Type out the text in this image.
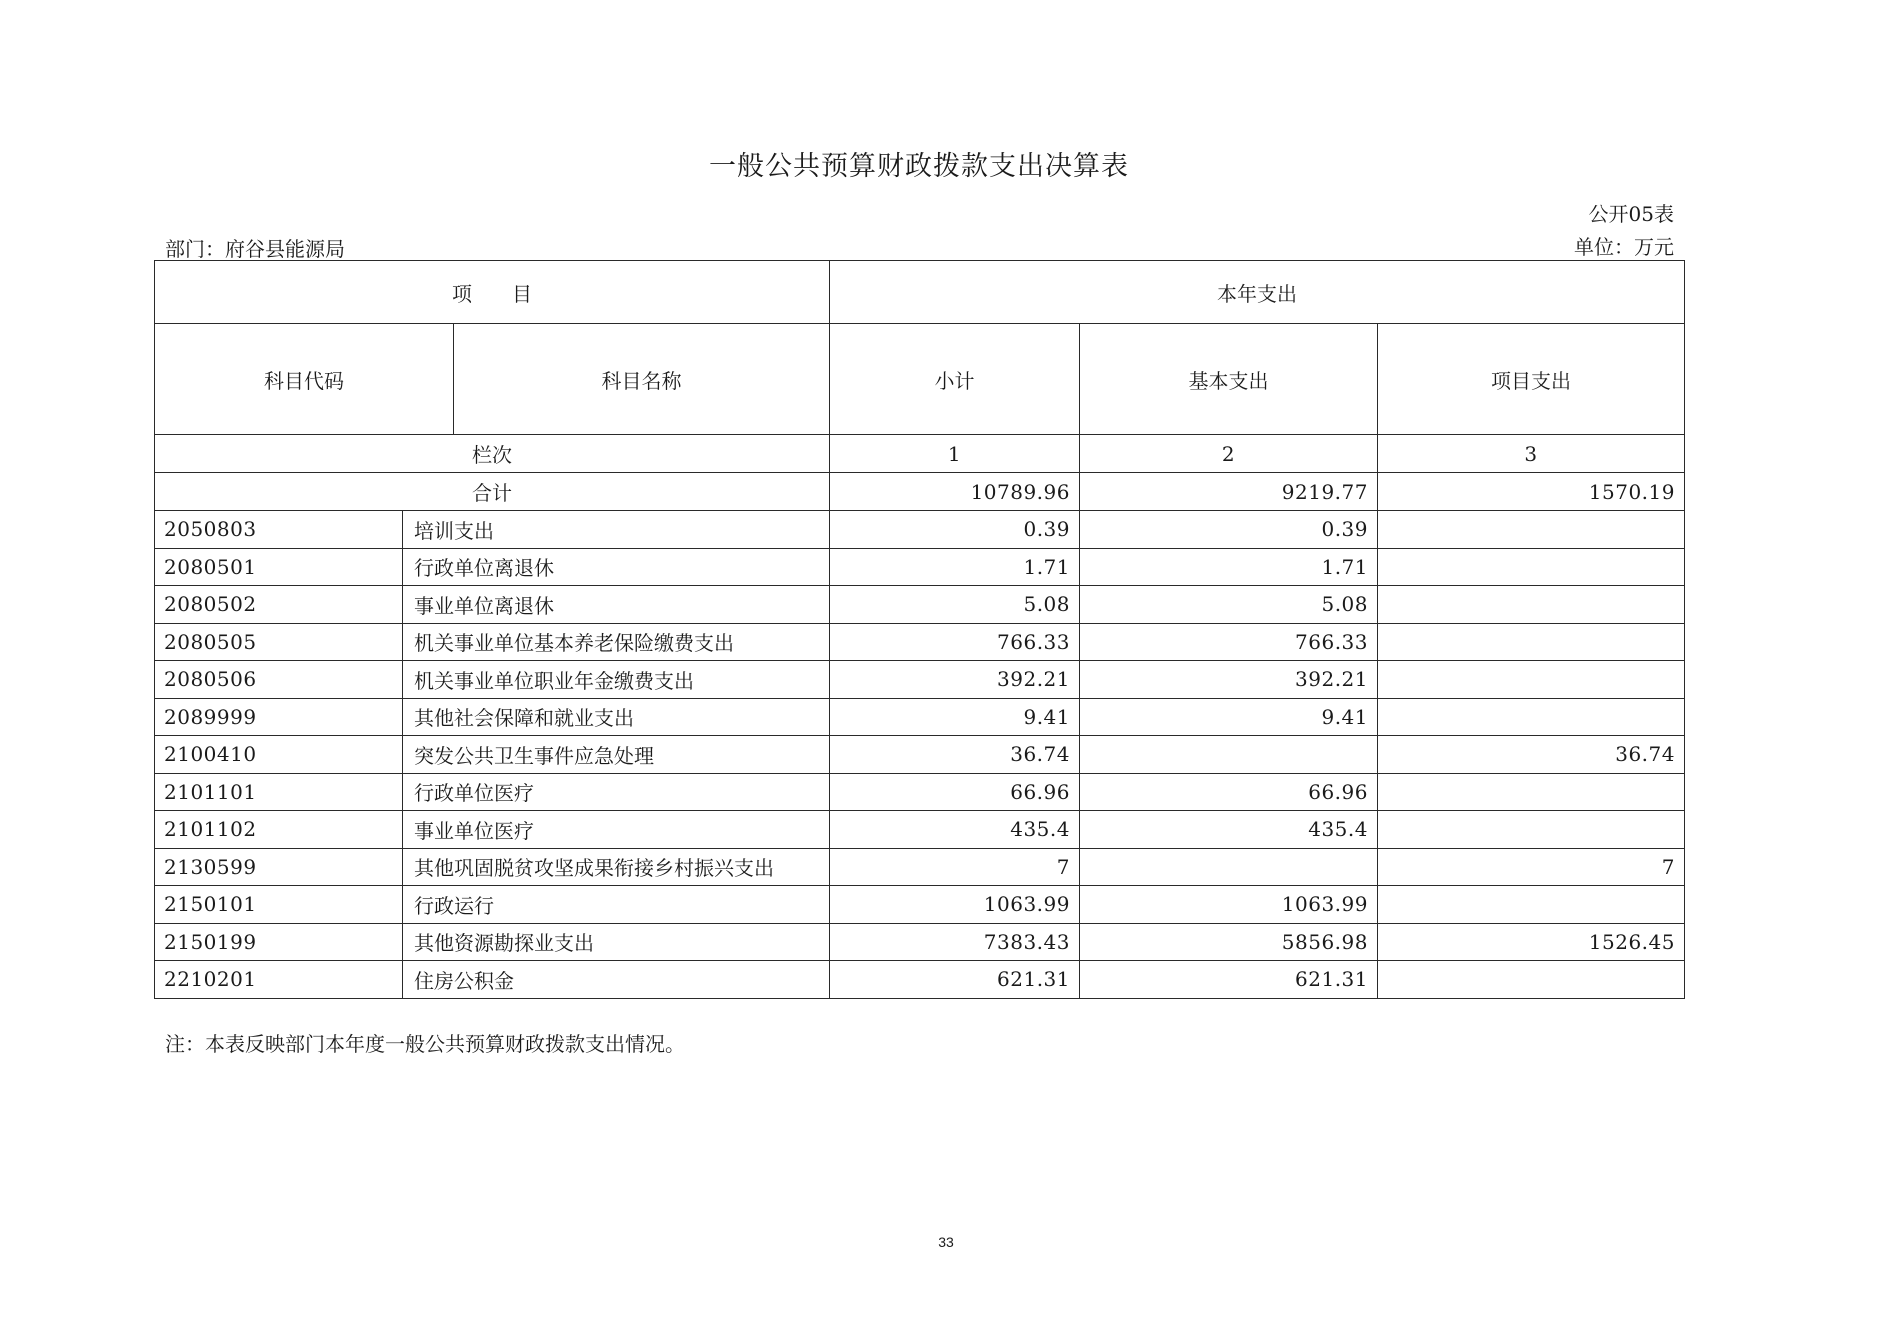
一般公共预算财政拨款支出决算表
公开05表
部门：府谷县能源局	单位：万元
项　　目			本年支出		
科目代码		科目名称	小计	基本支出	项目支出
栏次			1	2	3
合计			10789.96	9219.77	1570.19
2050803	培训支出		0.39	0.39	
2080501	行政单位离退休		1.71	1.71	
2080502	事业单位离退休		5.08	5.08	
2080505	机关事业单位基本养老保险缴费支出		766.33	766.33	
2080506	机关事业单位职业年金缴费支出		392.21	392.21	
2089999	其他社会保障和就业支出		9.41	9.41	
2100410	突发公共卫生事件应急处理		36.74		36.74
2101101	行政单位医疗		66.96	66.96	
2101102	事业单位医疗		435.4	435.4	
2130599	其他巩固脱贫攻坚成果衔接乡村振兴支出		7		7
2150101	行政运行		1063.99	1063.99	
2150199	其他资源勘探业支出		7383.43	5856.98	1526.45
2210201	住房公积金		621.31	621.31	
注：本表反映部门本年度一般公共预算财政拨款支出情况。
33
